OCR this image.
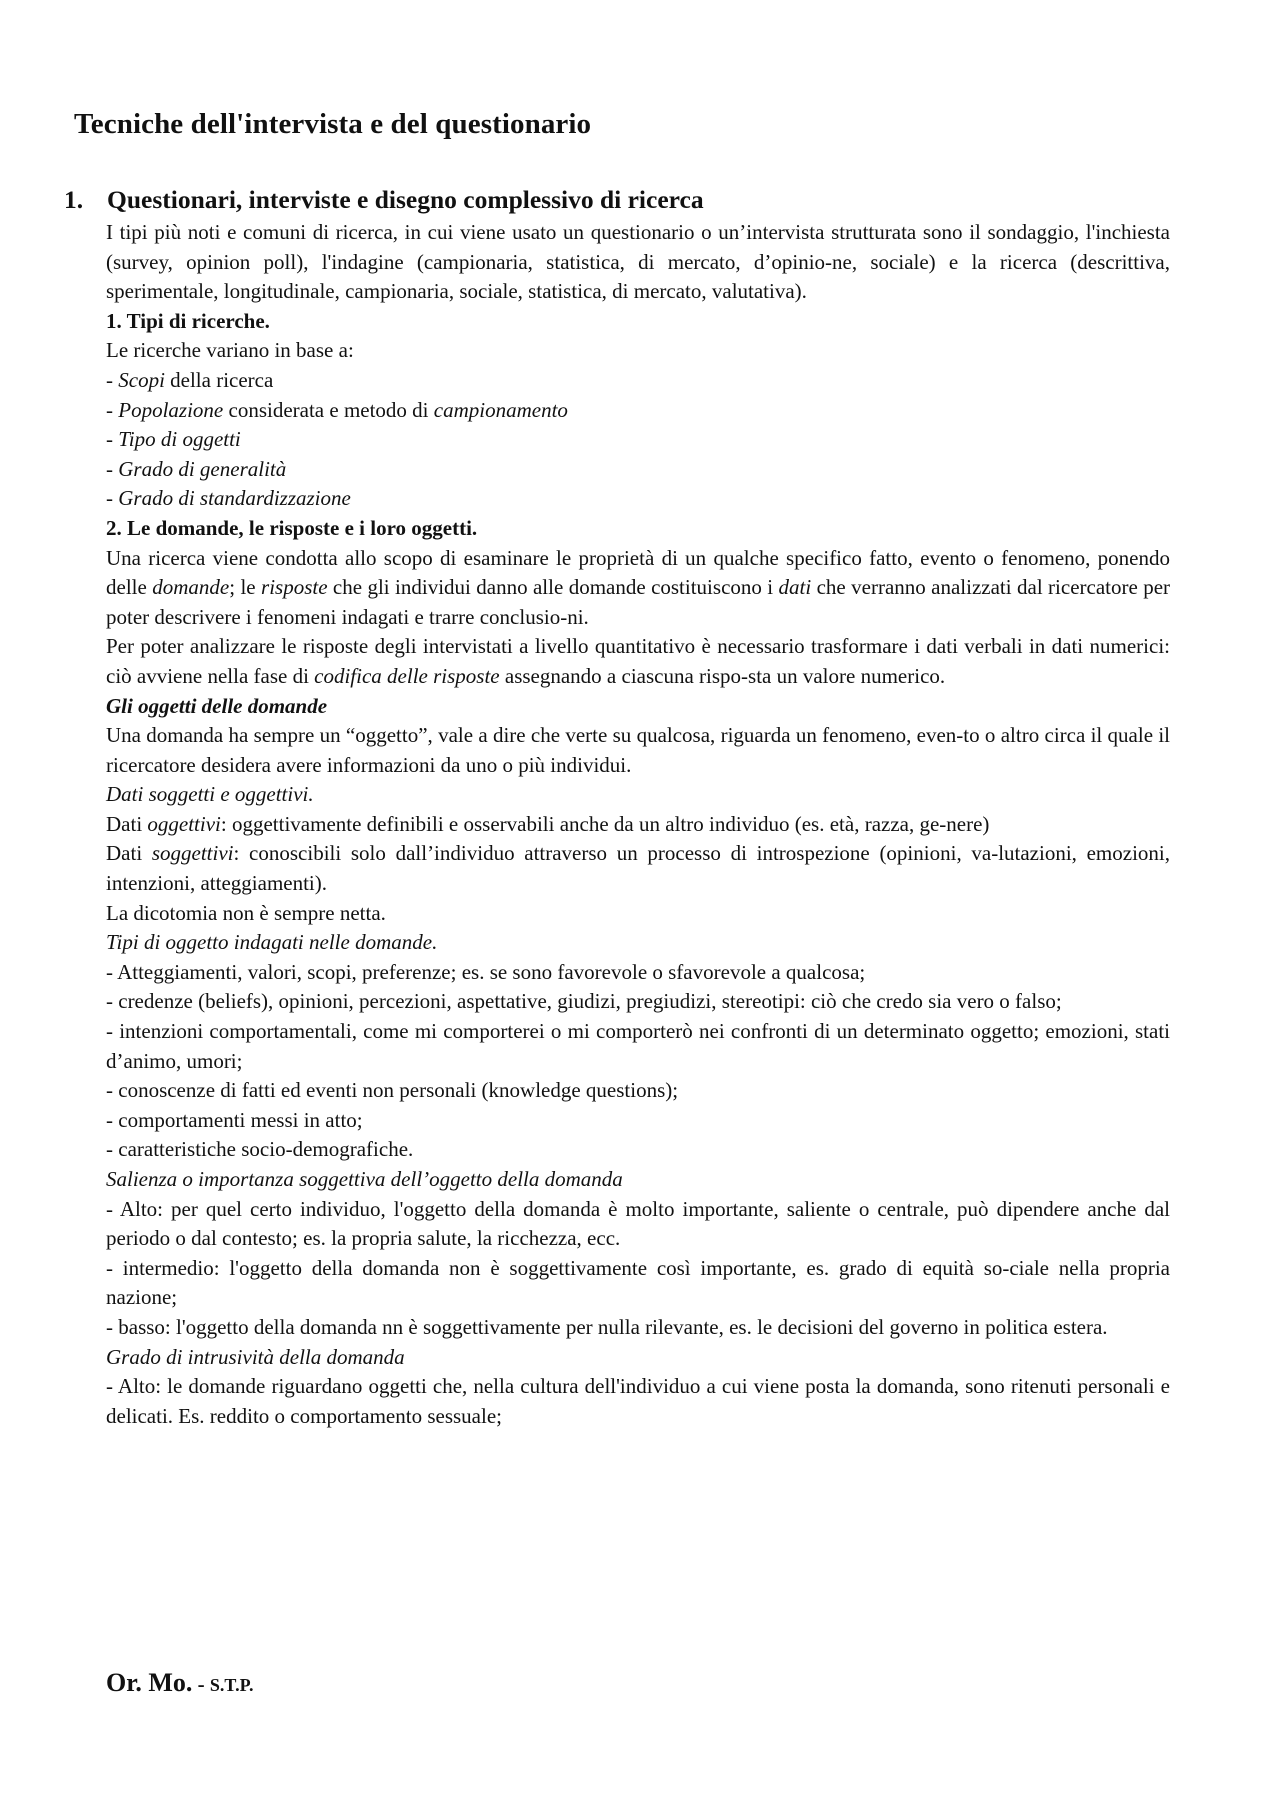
Tecniche dell'intervista e del questionario
1. Questionari, interviste e disegno complessivo di ricerca

I tipi più noti e comuni di ricerca, in cui viene usato un questionario o un’intervista strutturata sono il sondaggio, l'inchiesta (survey, opinion poll), l'indagine (campionaria, statistica, di mercato, d’opinio-ne, sociale) e la ricerca (descrittiva, sperimentale, longitudinale, campionaria, sociale, statistica, di mercato, valutativa).

1. Tipi di ricerche.
Le ricerche variano in base a:
- Scopi della ricerca
- Popolazione considerata e metodo di campionamento
- Tipo di oggetti
- Grado di generalità
- Grado di standardizzazione
2. Le domande, le risposte e i loro oggetti.

Una ricerca viene condotta allo scopo di esaminare le proprietà di un qualche specifico fatto, evento o fenomeno, ponendo delle domande; le risposte che gli individui danno alle domande costituiscono i dati che verranno analizzati dal ricercatore per poter descrivere i fenomeni indagati e trarre conclusio-ni.

Per poter analizzare le risposte degli intervistati a livello quantitativo è necessario trasformare i dati verbali in dati numerici: ciò avviene nella fase di codifica delle risposte assegnando a ciascuna rispo-sta un valore numerico.

Gli oggetti delle domande

Una domanda ha sempre un “oggetto”, vale a dire che verte su qualcosa, riguarda un fenomeno, even-to o altro circa il quale il ricercatore desidera avere informazioni da uno o più individui.

Dati soggetti e oggettivi.

Dati oggettivi: oggettivamente definibili e osservabili anche da un altro individuo (es. età, razza, ge-nere)

Dati soggettivi: conoscibili solo dall’individuo attraverso un processo di introspezione (opinioni, va-lutazioni, emozioni, intenzioni, atteggiamenti).

La dicotomia non è sempre netta.
Tipi di oggetto indagati nelle domande.

- Atteggiamenti, valori, scopi, preferenze; es. se sono favorevole o sfavorevole a qualcosa;

- credenze (beliefs), opinioni, percezioni, aspettative, giudizi, pregiudizi, stereotipi: ciò che credo sia vero o falso;

- intenzioni comportamentali, come mi comporterei o mi comporterò nei confronti di un determinato oggetto; emozioni, stati d’animo, umori;

- conoscenze di fatti ed eventi non personali (knowledge questions);

- comportamenti messi in atto;

- caratteristiche socio-demografiche.

Salienza o importanza soggettiva dell’oggetto della domanda

- Alto: per quel certo individuo, l'oggetto della domanda è molto importante, saliente o centrale, può dipendere anche dal periodo o dal contesto; es. la propria salute, la ricchezza, ecc.

- intermedio: l'oggetto della domanda non è soggettivamente così importante, es. grado di equità so-ciale nella propria nazione;

- basso: l'oggetto della domanda nn è soggettivamente per nulla rilevante, es. le decisioni del governo in politica estera.

Grado di intrusività della domanda

- Alto: le domande riguardano oggetti che, nella cultura dell'individuo a cui viene posta la domanda, sono ritenuti personali e delicati. Es. reddito o comportamento sessuale;

Or. Mo. - S.T.P.
